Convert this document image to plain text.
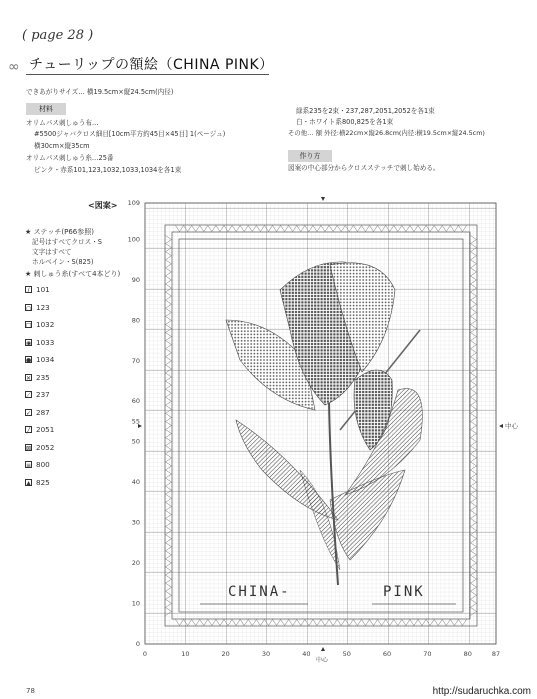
( page 28 )
∞ チューリップの額絵（CHINA PINK）
できあがりサイズ… 横19.5cm×縦24.5cm(内径)
材料
オリムパス刺しゅう布…
#5500ジャバクロス細目[10cm平方約45目×45目] 1(ページュ)
横30cm×縦35cm
オリムパス刺しゅう糸…25番
ピンク・赤系101,123,1032,1033,1034を各1束
緑系235を2束・237,287,2051,2052を各1束
白・ホワイト系800,825を各1束
その他… 額 外径:横22cm×縦26.8cm(内径:横19.5cm×縦24.5cm)
作り方
図案の中心部分からクロスステッチで刺し始める。
<図案>
★ ステッチ(P66参照)
記号はすべてクロス・S
文字はすべて
ホルベイン・S(825)
★ 刺しゅう糸(すべて4本どり)
/ 101
○ 123
□ 1032
◉ 1033
● 1034
✕ 235
⟋ 237
✓ 287
╱ 2051
⊠ 2052
≡ 800
▲ 825
CHINA-	PINK
109
100
90
80
70
60
55
50
40
30
20
10
0
0	10	20	30	40	50	60	70	80	87
中心
中心
78	http://sudaruchka.com
